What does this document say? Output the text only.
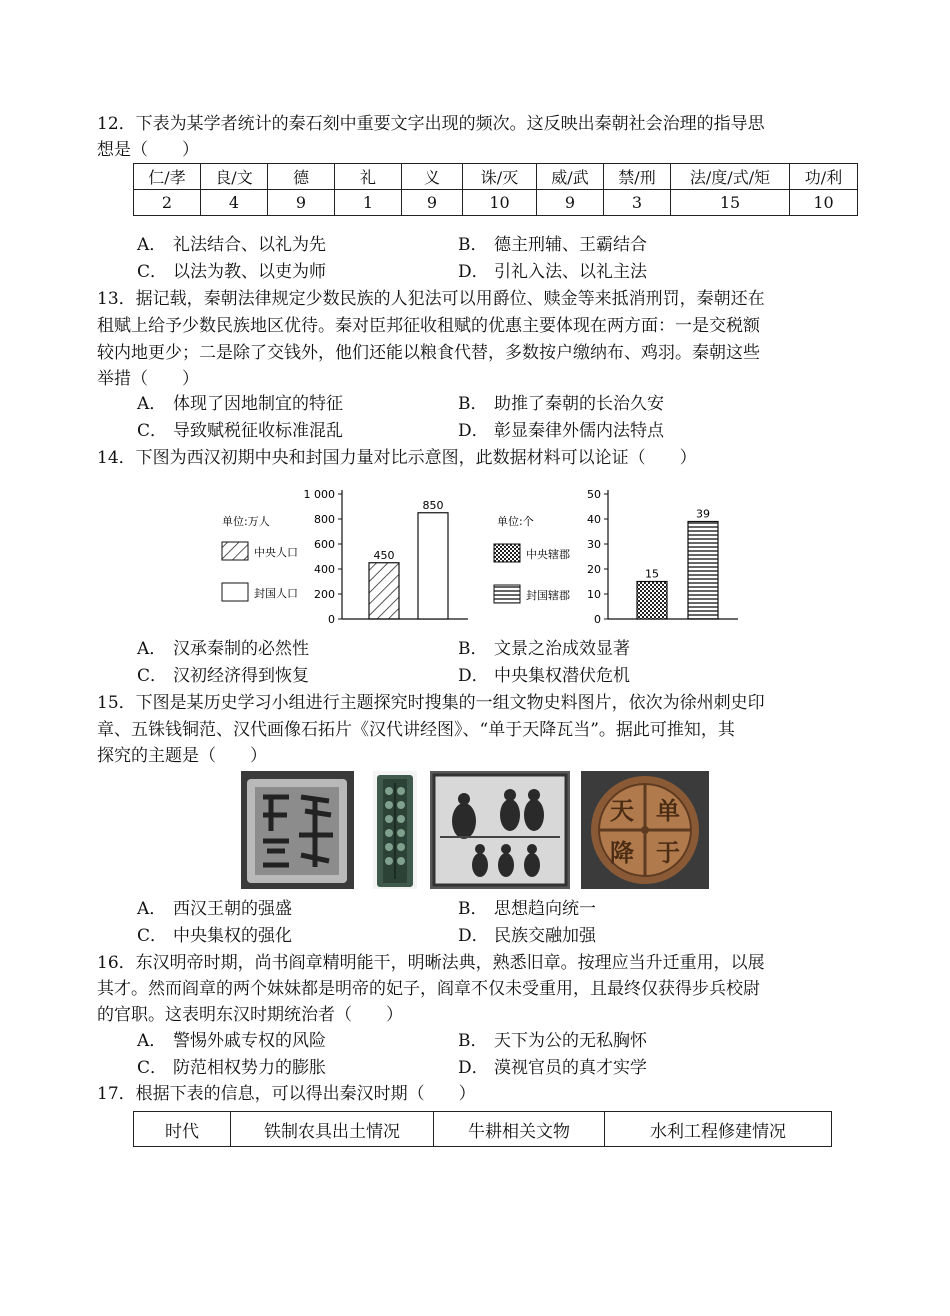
12．下表为某学者统计的秦石刻中重要文字出现的频次。这反映出秦朝社会治理的指导思
想是（　　）
仁/孝	良/文	德	礼	义	诛/灭	威/武	禁/刑	法/度/式/矩	功/利
2	4	9	1	9	10	9	3	15	10
A． 礼法结合、以礼为先	B． 德主刑辅、王霸结合
C． 以法为教、以吏为师	D． 引礼入法、以礼主法
13．据记载，秦朝法律规定少数民族的人犯法可以用爵位、赎金等来抵消刑罚，秦朝还在
租赋上给予少数民族地区优待。秦对臣邦征收租赋的优惠主要体现在两方面：一是交税额
较内地更少；二是除了交钱外，他们还能以粮食代替，多数按户缴纳布、鸡羽。秦朝这些
举措（　　）
A． 体现了因地制宜的特征	B． 助推了秦朝的长治久安
C． 导致赋税征收标准混乱	D． 彰显秦律外儒内法特点
14．下图为西汉初期中央和封国力量对比示意图，此数据材料可以论证（　　）
单位:万人
中央人口
封国人口
0
200
400
600
800
1 000
450
850
单位:个
中央辖郡
封国辖郡
0
10
20
30
40
50
15
39
A． 汉承秦制的必然性	B． 文景之治成效显著
C． 汉初经济得到恢复	D． 中央集权潜伏危机
15．下图是某历史学习小组进行主题探究时搜集的一组文物史料图片，依次为徐州刺史印
章、五铢钱铜范、汉代画像石拓片《汉代讲经图》、“单于天降瓦当”。据此可推知，其
探究的主题是（　　）
单
于
天
降
A． 西汉王朝的强盛	B． 思想趋向统一
C． 中央集权的强化	D． 民族交融加强
16．东汉明帝时期，尚书阎章精明能干，明晰法典，熟悉旧章。按理应当升迁重用，以展
其才。然而阎章的两个妹妹都是明帝的妃子，阎章不仅未受重用，且最终仅获得步兵校尉
的官职。这表明东汉时期统治者（　　）
A． 警惕外戚专权的风险	B． 天下为公的无私胸怀
C． 防范相权势力的膨胀	D． 漠视官员的真才实学
17．根据下表的信息，可以得出秦汉时期（　　）
时代	铁制农具出土情况	牛耕相关文物	水利工程修建情况
